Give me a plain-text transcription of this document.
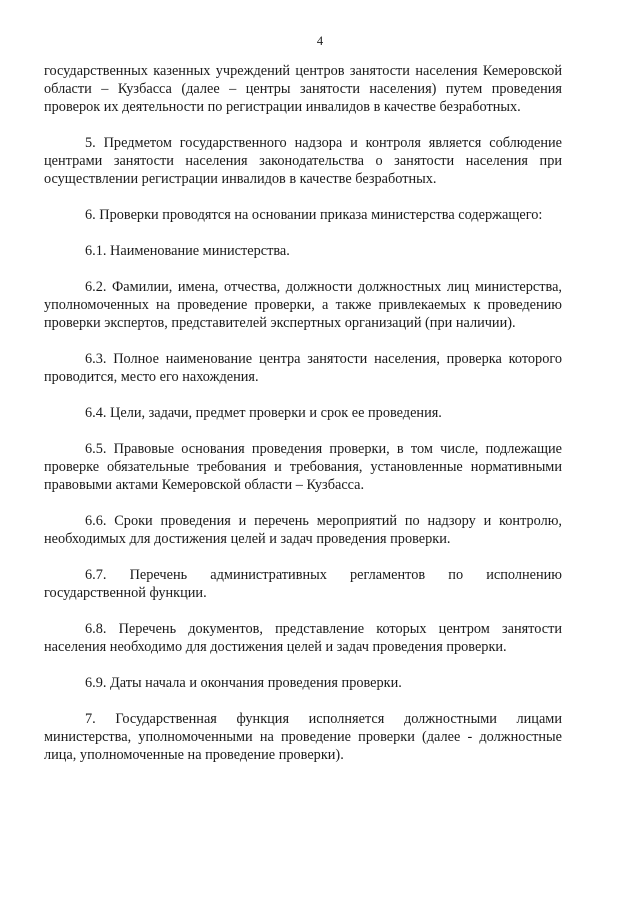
4

государственных казенных учреждений центров занятости населения Кемеровской области – Кузбасса (далее – центры занятости населения) путем проведения проверок их деятельности по регистрации инвалидов в качестве безработных.

5. Предметом государственного надзора и контроля является соблюдение центрами занятости населения законодательства о занятости населения при осуществлении регистрации инвалидов в качестве безработных.

6. Проверки проводятся на основании приказа министерства содержащего:

6.1. Наименование министерства.

6.2. Фамилии, имена, отчества, должности должностных лиц министерства, уполномоченных на проведение проверки, а также привлекаемых к проведению проверки экспертов, представителей экспертных организаций (при наличии).

6.3. Полное наименование центра занятости населения, проверка которого проводится, место его нахождения.

6.4. Цели, задачи, предмет проверки и срок ее проведения.

6.5. Правовые основания проведения проверки, в том числе, подлежащие проверке обязательные требования и требования, установленные нормативными правовыми актами Кемеровской области – Кузбасса.

6.6. Сроки проведения и перечень мероприятий по надзору и контролю, необходимых для достижения целей и задач проведения проверки.

6.7. Перечень административных регламентов по исполнению государственной функции.

6.8. Перечень документов, представление которых центром занятости населения необходимо для достижения целей и задач проведения проверки.

6.9. Даты начала и окончания проведения проверки.

7. Государственная функция исполняется должностными лицами министерства, уполномоченными на проведение проверки (далее - должностные лица, уполномоченные на проведение проверки).
